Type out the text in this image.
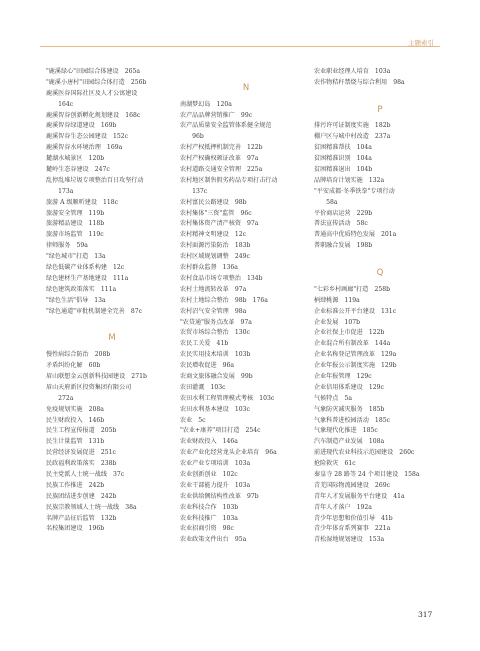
主题索引
"鹿溪绿心"田园综合体建设　265a
"鹿溪小唐村"田园综合体打造　256b
鹿溪医谷国际社区及人才公寓建设
　164c
鹿溪智谷创新孵化规划建设　168c
鹿溪智谷绿道建设　169b
鹿溪智谷生态公园建设　152c
鹿溪智谷水环境治理　169a
麓湖水城景区　120b
麓岭生态谷建设　247c
乱停乱堆垃圾专项整治百日攻坚行动
　173a
旅游 A 级顺听建设　118c
旅游安全管理　119b
旅游精品建设　118b
旅游市场监管　119c
律师服务　59a
"绿色城市"打造　13a
绿色低碳产业体系构建　12c
绿色建材生产基地建设　111a
绿色建筑政策落实　111a
"绿色生活"倡导　13a
"绿色通道"审批机制建全完善　87c
M
慢性病综合防治　208b
矛盾纠纷化解　60b
眉山联想金云创新科技园建设　271b
眉山天府新区投资集团有限公司
　272a
免疫规划实施　208a
民生财政投入　146b
民生工程宣传报道　205b
民生计量监管　131b
民营经济发展促进　251c
民政福利政策落实　238b
民主党派人士统一战线　37c
民族工作推进　242b
民族团结进步创建　242b
民族宗教领域人士统一战线　38a
名牌产品征后监管　132b
名校集团建设　196b
N
南湖梦幻岛　120a
农产品品牌营销推广　99c
农产品质量安全监管体系健全规范
　96b
农村产权抵押机制完善　122b
农村产权确权颁证改革　97a
农村道路交通安全管理　225a
农村地区制售假劣药品专项打击行动
　137c
农村富民公路建设　98b
农村集体"三资"监管　96c
农村集体资产清产核资　97a
农村精神文明建设　12c
农村面源污染防治　183b
农村区域规划调整　249c
农村群众监督　136a
农村食品市场专项整治　134b
农村土地流转改革　97a
农村土地综合整治　98b　176a
农村沼气安全管理　98a
"农贷通"服务点改革　97a
农贸市场综合整治　130c
农民工关爱　41b
农民实用技术培训　103b
农民增收促进　96a
农商文旅体融合发展　99b
农田灌溉　103c
农田水利工程管理模式考核　103c
农田水利基本建设　103c
农业　5c
"农业+康养"项目打造　254c
农业财政投入　146a
农业产业化经营龙头企业培育　96a
农业产业专项培训　103a
农业创新创业　102c
农业干部能力提升　103a
农业供给侧结构性改革　97b
农业科技合作　103b
农业科技推广　103a
农业招商引资　98c
农业政策文件出台　95a
农业职业经理人培育　103a
农作物秸秆禁烧与综合利用　98a
P
排污许可证制度实施　182b
棚户区与城中村改造　237a
贫困精准帮扶　104a
贫困精准识别　104a
贫困精准退出　104b
品牌培育计划实施　132a
"平安成都·冬季铁拳"专项行动
　58a
平价商店运营　229b
普法宣传活动　58c
普通高中优质特色发展　201a
普职融合发展　198b
Q
"七彩乡村画廊"打造　258b
柄肆桃源　119a
企业标准公开平台建设　131c
企业发展　107b
企业社保上市促进　122b
企业混合所有制改革　144a
企业名称登记管理改革　129a
企业年报公示制度实施　129b
企业年报管理　129c
企业信用体系建设　129c
气候特点　5a
气象防灾减灾服务　185b
气象科普进校园活动　185c
气象现代化推进　185c
汽车制造产业发展　108a
前进现代农业科技示范园建设　260c
抢险救灾　61c
秦皇寺 28 路等 24 个项目建设　158a
青羌国际物流园建设　269c
青年人才发展服务平台建设　41a
青年人才落户　192a
青少年思想和价值引导　41b
青少年体育系列赛事　221a
青松湿地规划建设　153a
317
